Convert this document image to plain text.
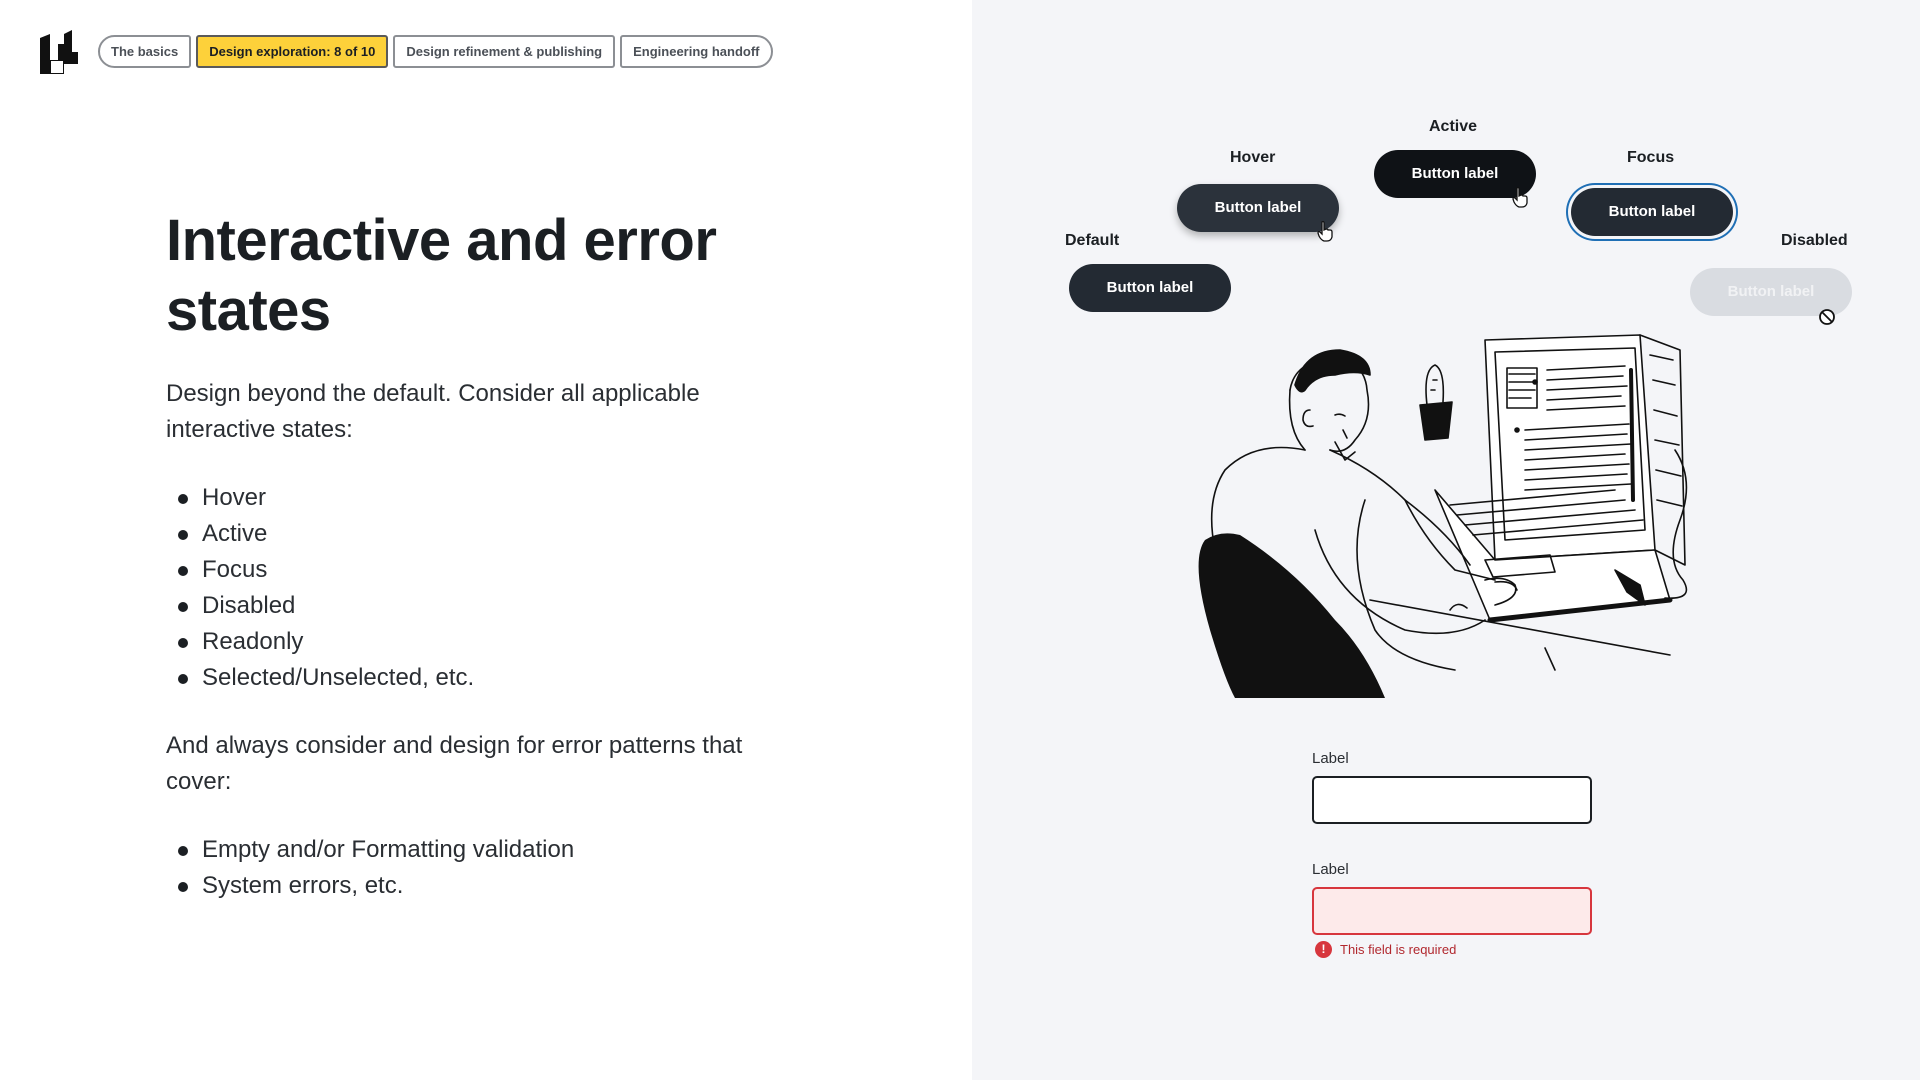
The basics	Design exploration: 8 of 10	Design refinement & publishing	Engineering handoff
Interactive and error states

Design beyond the default. Consider all applicable interactive states:

Hover
Active
Focus
Disabled
Readonly
Selected/Unselected, etc.

And always consider and design for error patterns that cover:

Empty and/or Formatting validation
System errors, etc.
Default
Hover
Active
Focus
Disabled
Button label
Button label
Button label
Button label
Button label
Label
Label
!	This field is required
